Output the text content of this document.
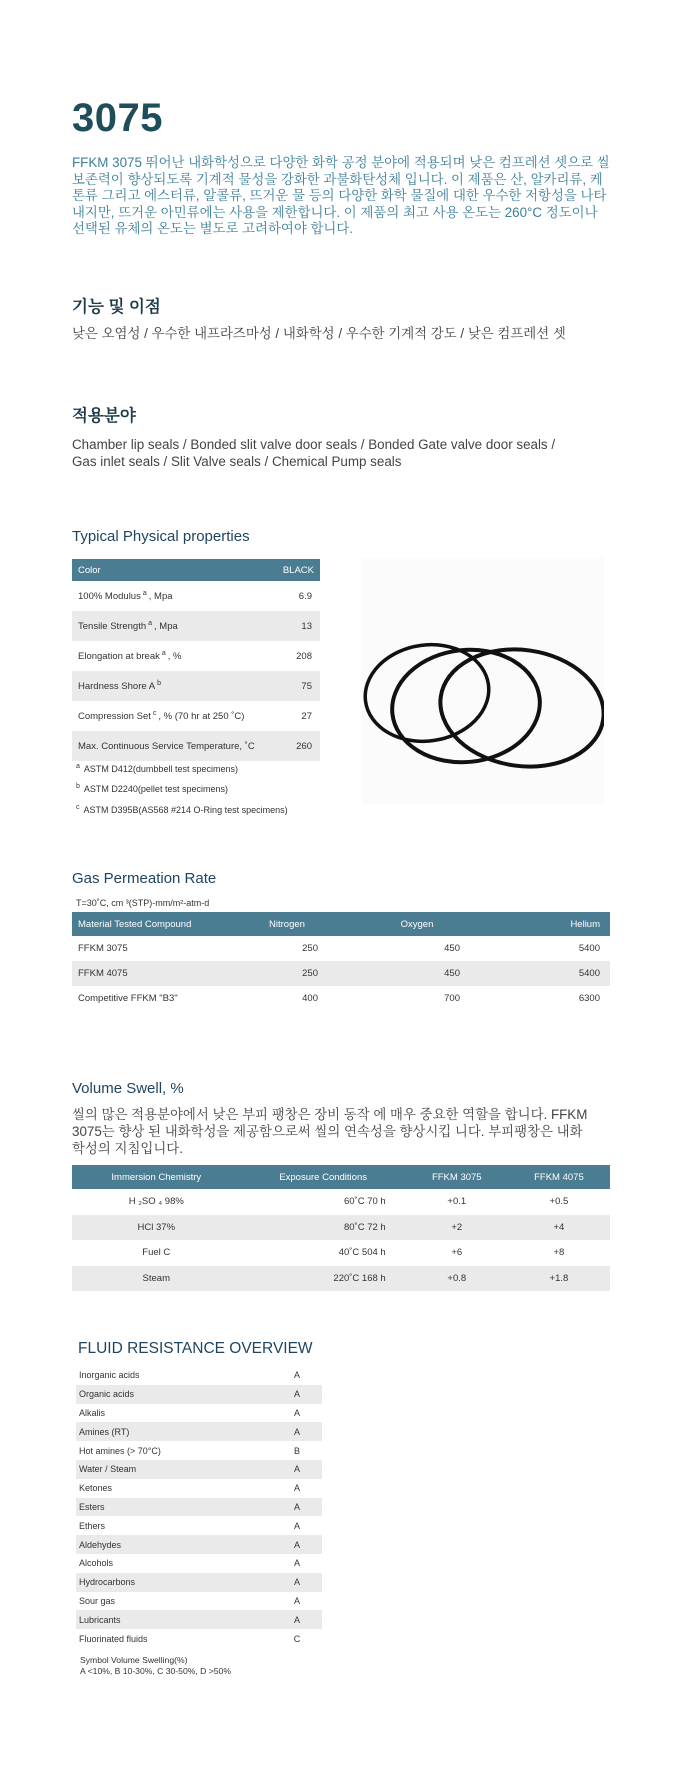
3075

FFKM 3075 뛰어난 내화학성으로 다양한 화학 공정 분야에 적용되며 낮은 컴프레션 셋으로 씰 보존력이 향상되도록 기계적 물성을 강화한 과불화탄성체 입니다. 이 제품은 산, 알카리류, 케톤류 그리고 에스터류, 알콜류, 뜨거운 물 등의 다양한 화학 물질에 대한 우수한 저항성을 나타내지만, 뜨거운 아민류에는 사용을 제한합니다. 이 제품의 최고 사용 온도는 260°C 정도이나 선택된 유체의 온도는 별도로 고려하여야 합니다.

기능 및 이점
낮은 오염성 / 우수한 내프라즈마성 / 내화학성 / 우수한 기계적 강도 / 낮은 컴프레션 셋
적용분야
Chamber lip seals / Bonded slit valve door seals / Bonded Gate valve door seals /
Gas inlet seals / Slit Valve seals / Chemical Pump seals
Typical Physical properties
Color	BLACK
100% Modulus $^a$ , Mpa	6.9
Tensile Strength $^a$ , Mpa	13
Elongation at break $^a$ , %	208
Hardness Shore A $^b$	75
Compression Set $^c$ , % (70 hr at 250 ˚C)	27
Max. Continuous Service Temperature, ˚C	260
$^a$ ASTM D412(dumbbell test specimens)
$^b$ ASTM D2240(pellet test specimens)
$^c$ ASTM D395B(AS568 #214 O-Ring test specimens)
Gas Permeation Rate
T=30˚C, cm ³(STP)-mm/m²-atm-d
Material Tested Compound	Nitrogen	Oxygen	Helium
FFKM 3075	250	450	5400
FFKM 4075	250	450	5400
Competitive FFKM "B3"	400	700	6300
Volume Swell, %

씰의 많은 적용분야에서 낮은 부피 팽창은 장비 동작 에 매우 중요한 역할을 합니다. FFKM 3075는 향상 된 내화학성을 제공함으로써 씰의 연속성을 향상시킵 니다. 부피팽창은 내화학성의 지침입니다.

Immersion Chemistry	Exposure Conditions	FFKM 3075	FFKM 4075
H ₂SO ₄ 98%	60˚C 70 h	+0.1	+0.5
HCl 37%	80˚C 72 h	+2	+4
Fuel C	40˚C 504 h	+6	+8
Steam	220˚C 168 h	+0.8	+1.8
FLUID RESISTANCE OVERVIEW
Inorganic acids	A
Organic acids	A
Alkalis	A
Amines (RT)	A
Hot amines (> 70°C)	B
Water / Steam	A
Ketones	A
Esters	A
Ethers	A
Aldehydes	A
Alcohols	A
Hydrocarbons	A
Sour gas	A
Lubricants	A
Fluorinated fluids	C
Symbol Volume Swelling(%)
A <10%, B 10-30%, C 30-50%, D >50%
